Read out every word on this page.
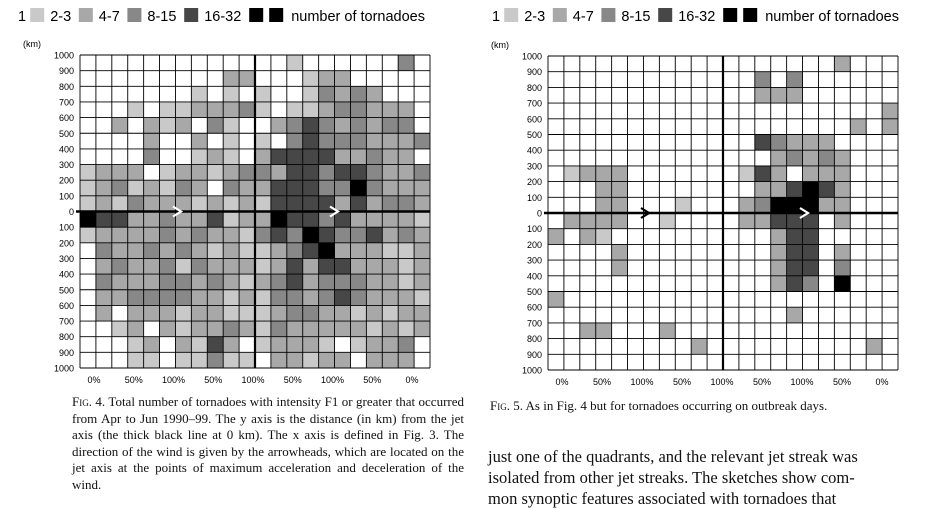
1 2-3 4-7 8-15 16-32	number of tornadoes
(km)
1000
900
800
700
600
500
400
300
200
100
0
100
200
300
400
500
600
700
800
900
1000
0%	50% 100% 50% 100% 50% 100% 50%	0%

Fig. 4. Total number of tornadoes with intensity F1 or greater that occurred from Apr to Jun 1990–99. The y axis is the distance (in km) from the jet axis (the thick black line at 0 km). The x axis is defined in Fig. 3. The direction of the wind is given by the arrowheads, which are located on the jet axis at the points of maximum acceleration and deceleration of the wind.

1 2-3 4-7 8-15 16-32	number of tornadoes
(km)
1000
900
800
700
600
500
400
300
200
100
0
100
200
300
400
500
600
700
800
900
1000
0%	50% 100% 50% 100% 50% 100% 50%	0%

Fig. 5. As in Fig. 4 but for tornadoes occurring on outbreak days.

just one of the quadrants, and the relevant jet streak was
isolated from other jet streaks. The sketches show com-
mon synoptic features associated with tornadoes that
